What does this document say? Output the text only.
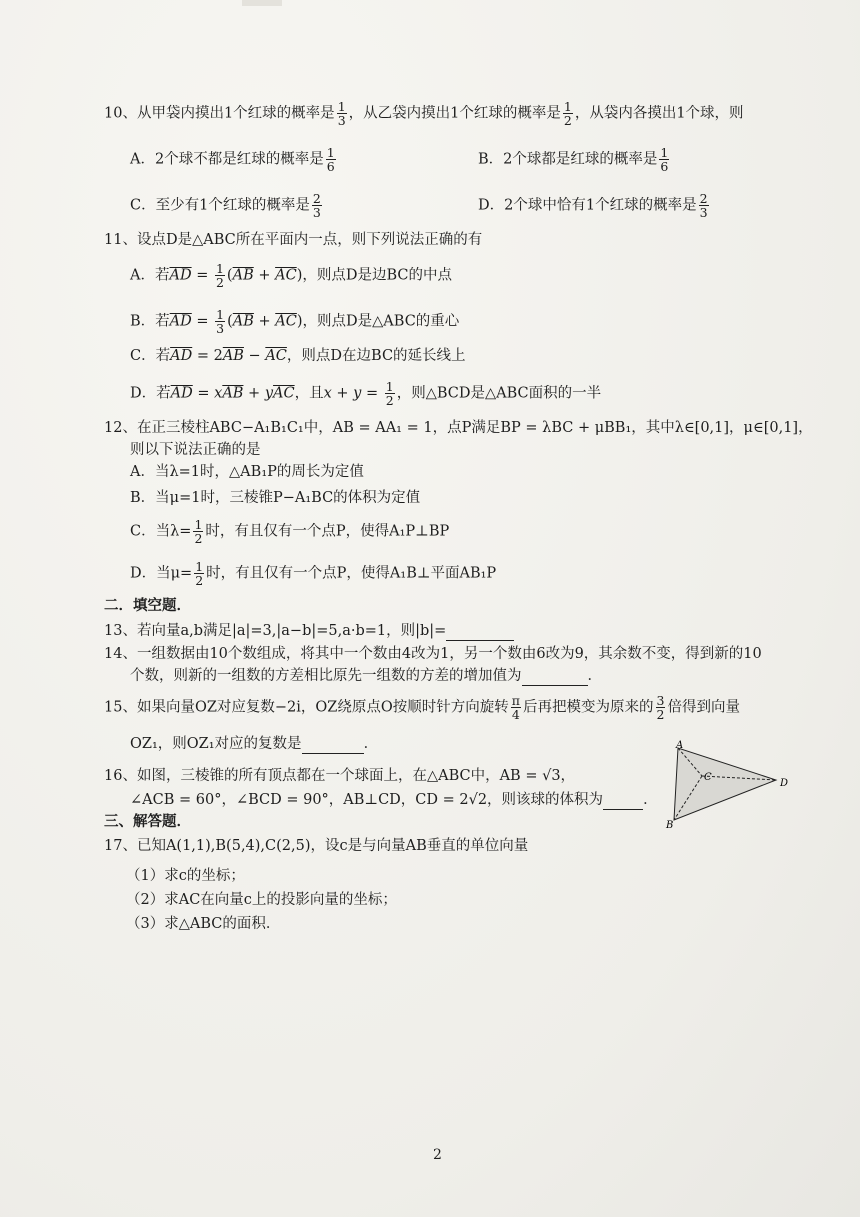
10、从甲袋内摸出1个红球的概率是 $\frac{1}{3}$ ，从乙袋内摸出1个红球的概率是 $\frac{1}{2}$ ，从袋内各摸出1个球，则
A．2个球不都是红球的概率是 $\frac{1}{6}$	B．2个球都是红球的概率是 $\frac{1}{6}$
C．至少有1个红球的概率是 $\frac{2}{3}$	D．2个球中恰有1个红球的概率是 $\frac{2}{3}$
11、设点D是△ABC所在平面内一点，则下列说法正确的有
A．若$\overline{AD} = \frac{1}{2} (\overline{AB} + \overline{AC})$，则点D是边BC的中点
B．若$\overline{AD} = \frac{1}{3} (\overline{AB} + \overline{AC})$，则点D是△ABC的重心
C．若$\overline{AD} = 2\overline{AB} - \overline{AC}$，则点D在边BC的延长线上
D．若$\overline{AD} = x\overline{AB} + y\overline{AC}$，且$x + y = \frac{1}{2}$ ，则△BCD是△ABC面积的一半
12、在正三棱柱ABC−A₁B₁C₁中，AB = AA₁ = 1，点P满足BP = λBC + μBB₁，其中λ∈[0,1]，μ∈[0,1]，
则以下说法正确的是
A．当λ=1时，△AB₁P的周长为定值
B．当μ=1时，三棱锥P−A₁BC的体积为定值
C．当$\lambda= \frac{1}{2}$ 时，有且仅有一个点P，使得A₁P⊥BP
D．当$\mu= \frac{1}{2}$ 时，有且仅有一个点P，使得A₁B⊥平面AB₁P
二．填空题．
13、若向量a,b满足|a|=3,|a−b|=5,a·b=1，则|b|=
14、一组数据由10个数组成，将其中一个数由4改为1，另一个数由6改为9，其余数不变，得到新的10
个数，则新的一组数的方差相比原先一组数的方差的增加值为	．
15、如果向量OZ对应复数−2i，OZ绕原点O按顺时针方向旋转 $\frac{\pi}{4}$ 后再把模变为原来的 $\frac{3}{2}$ 倍得到向量
OZ₁，则OZ₁对应的复数是	．
16、如图，三棱锥的所有顶点都在一个球面上，在△ABC中，AB = √3，
∠ACB = 60°，∠BCD = 90°，AB⊥CD，CD = 2√2，则该球的体积为	．
A
C
D
B
三、解答题．
17、已知A(1,1),B(5,4),C(2,5)，设c是与向量AB垂直的单位向量
（1）求c的坐标；
（2）求AC在向量c上的投影向量的坐标；
（3）求△ABC的面积．
2
